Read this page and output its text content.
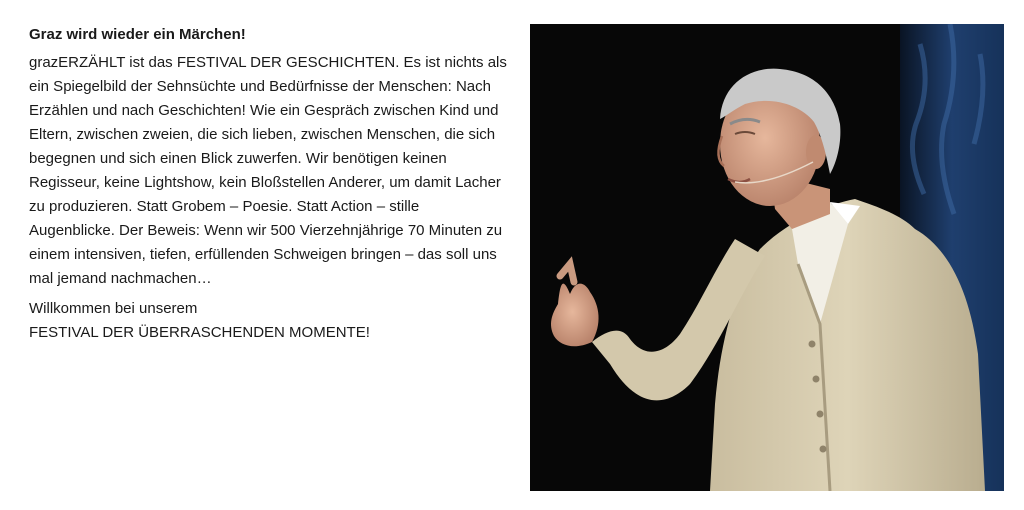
Graz wird wieder ein Märchen!

grazERZÄHLT ist das FESTIVAL DER GESCHICHTEN. Es ist nichts als ein Spiegelbild der Sehnsüchte und Bedürfnisse der Menschen: Nach Erzählen und nach Geschichten! Wie ein Gespräch zwischen Kind und Eltern, zwischen zweien, die sich lieben, zwischen Menschen, die sich begegnen und sich einen Blick zuwerfen. Wir benötigen keinen Regisseur, keine Lightshow, kein Bloßstellen Anderer, um damit Lacher zu produzieren. Statt Grobem – Poesie. Statt Action – stille Augenblicke. Der Beweis: Wenn wir 500 Vierzehnjährige 70 Minuten zu einem intensiven, tiefen, erfüllenden Schweigen bringen – das soll uns mal jemand nachmachen…

Willkommen bei unserem
FESTIVAL DER ÜBERRASCHENDEN MOMENTE!
